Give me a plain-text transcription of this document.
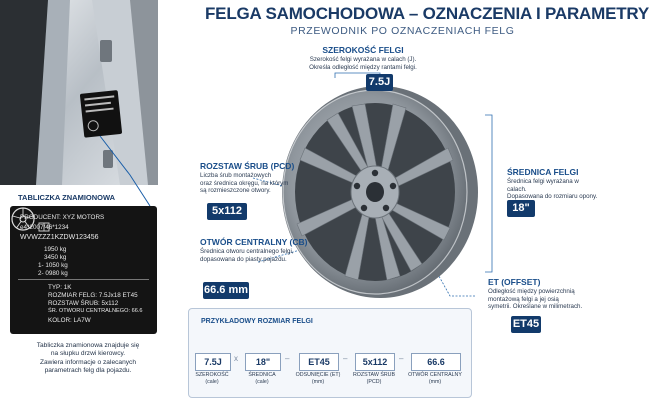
FELGA SAMOCHODOWA – OZNACZENIA I PARAMETRY
PRZEWODNIK PO OZNACZENIACH FELG
SZEROKOŚĆ FELGI
Szerokość felgi wyrażana w calach (J).
Określa odległość między rantami felgi.
7.5J
ROZSTAW ŚRUB (PCD)
Liczba śrub montażowych
oraz średnica okręgu, na którym
są rozmieszczone otwory.
5x112
OTWÓR CENTRALNY (CB)
Średnica otworu centralnego felgi,
dopasowana do piasty pojazdu.
66.6 mm
ŚREDNICA FELGI
Średnica felgi wyrażana w calach.
Dopasowana do rozmiaru opony.
18"
ET (OFFSET)
Odległość między powierzchnią
montażową felgi a jej osią
symetrii. Określane w milimetrach.
ET45
TABLICZKA ZNAMIONOWA
PRODUCENT: XYZ MOTORS
e4*2007/46*1234
WVWZZZ1KZDW123456
1950 kg
3450 kg
1- 1050 kg
2- 0980 kg

TYP: 1K
ROZMIAR FELG: 7.5Jx18 ET45
ROZSTAW ŚRUB: 5x112
ŚR. OTWORU CENTRALNEGO: 66.6
KOLOR: LA7W
Tabliczka znamionowa znajduje się
na słupku drzwi kierowcy.
Zawiera informacje o zalecanych
parametrach felg dla pojazdu.
PRZYKŁADOWY ROZMIAR FELGI
7.5J	x	18"	–	ET45	–	5x112	–	66.6
SZEROKOŚĆ
(cale)
ŚREDNICA
(cale)
ODSUNIĘCIE (ET)
(mm)
ROZSTAW ŚRUB
(PCD)
OTWÓR CENTRALNY
(mm)
